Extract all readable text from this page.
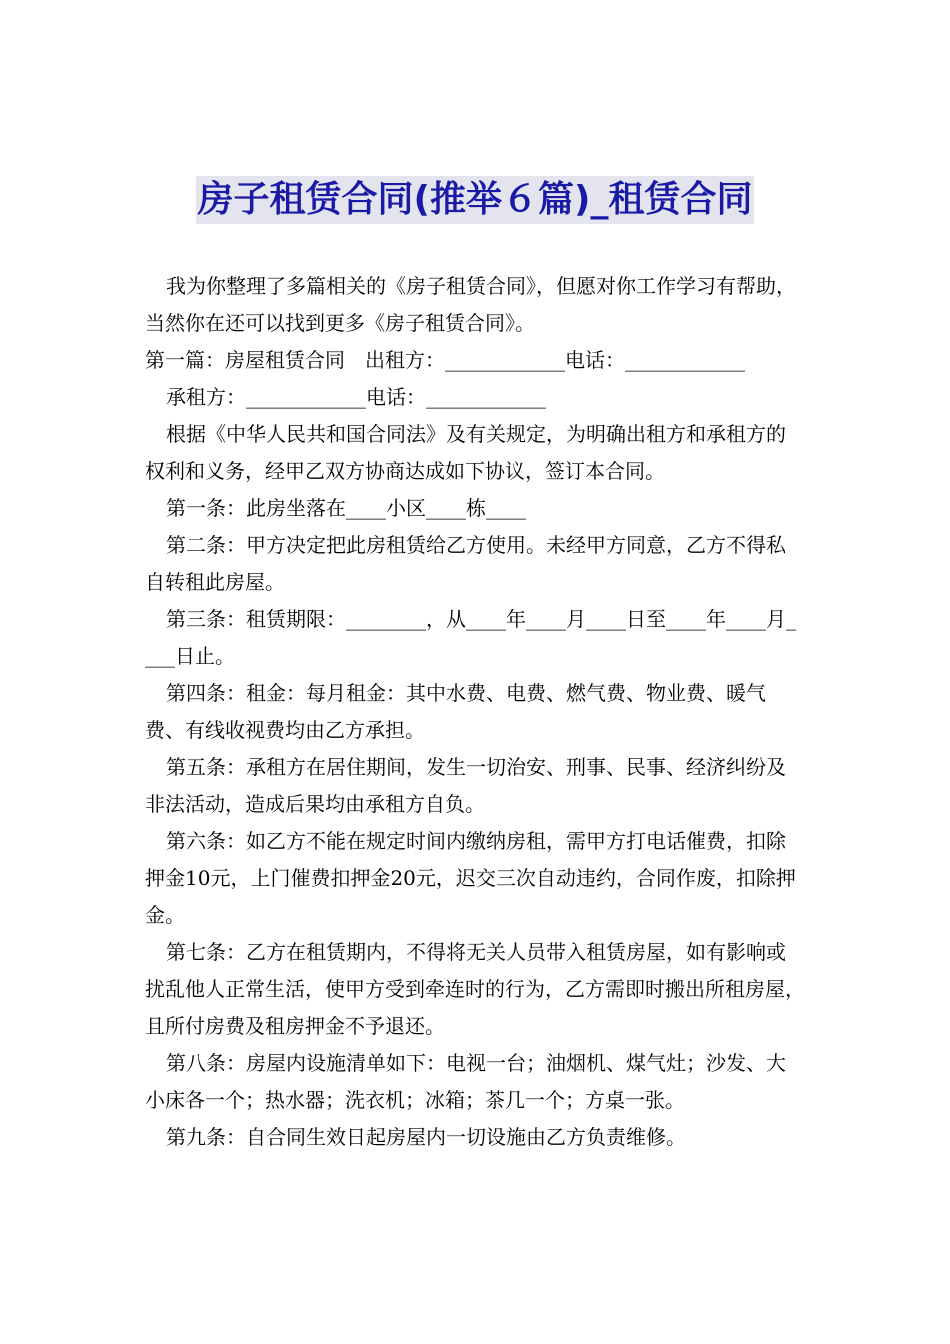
房子租赁合同(推举６篇)_租赁合同

我为你整理了多篇相关的《房子租赁合同》，但愿对你工作学习有帮助，当然你在还可以找到更多《房子租赁合同》。

第一篇：房屋租赁合同　出租方：____________电话：____________

承租方：____________电话：____________

根据《中华人民共和国合同法》及有关规定，为明确出租方和承租方的权利和义务，经甲乙双方协商达成如下协议，签订本合同。

第一条：此房坐落在____小区____栋____

第二条：甲方决定把此房租赁给乙方使用。未经甲方同意，乙方不得私自转租此房屋。

第三条：租赁期限：________，从____年____月____日至____年____月____日止。

第四条：租金：每月租金：其中水费、电费、燃气费、物业费、暖气费、有线收视费均由乙方承担。

第五条：承租方在居住期间，发生一切治安、刑事、民事、经济纠纷及非法活动，造成后果均由承租方自负。

第六条：如乙方不能在规定时间内缴纳房租，需甲方打电话催费，扣除押金10元，上门催费扣押金20元，迟交三次自动违约，合同作废，扣除押金。

第七条：乙方在租赁期内，不得将无关人员带入租赁房屋，如有影响或扰乱他人正常生活，使甲方受到牵连时的行为，乙方需即时搬出所租房屋，且所付房费及租房押金不予退还。

第八条：房屋内设施清单如下：电视一台；油烟机、煤气灶；沙发、大小床各一个；热水器；洗衣机；冰箱；茶几一个；方桌一张。

第九条：自合同生效日起房屋内一切设施由乙方负责维修。
